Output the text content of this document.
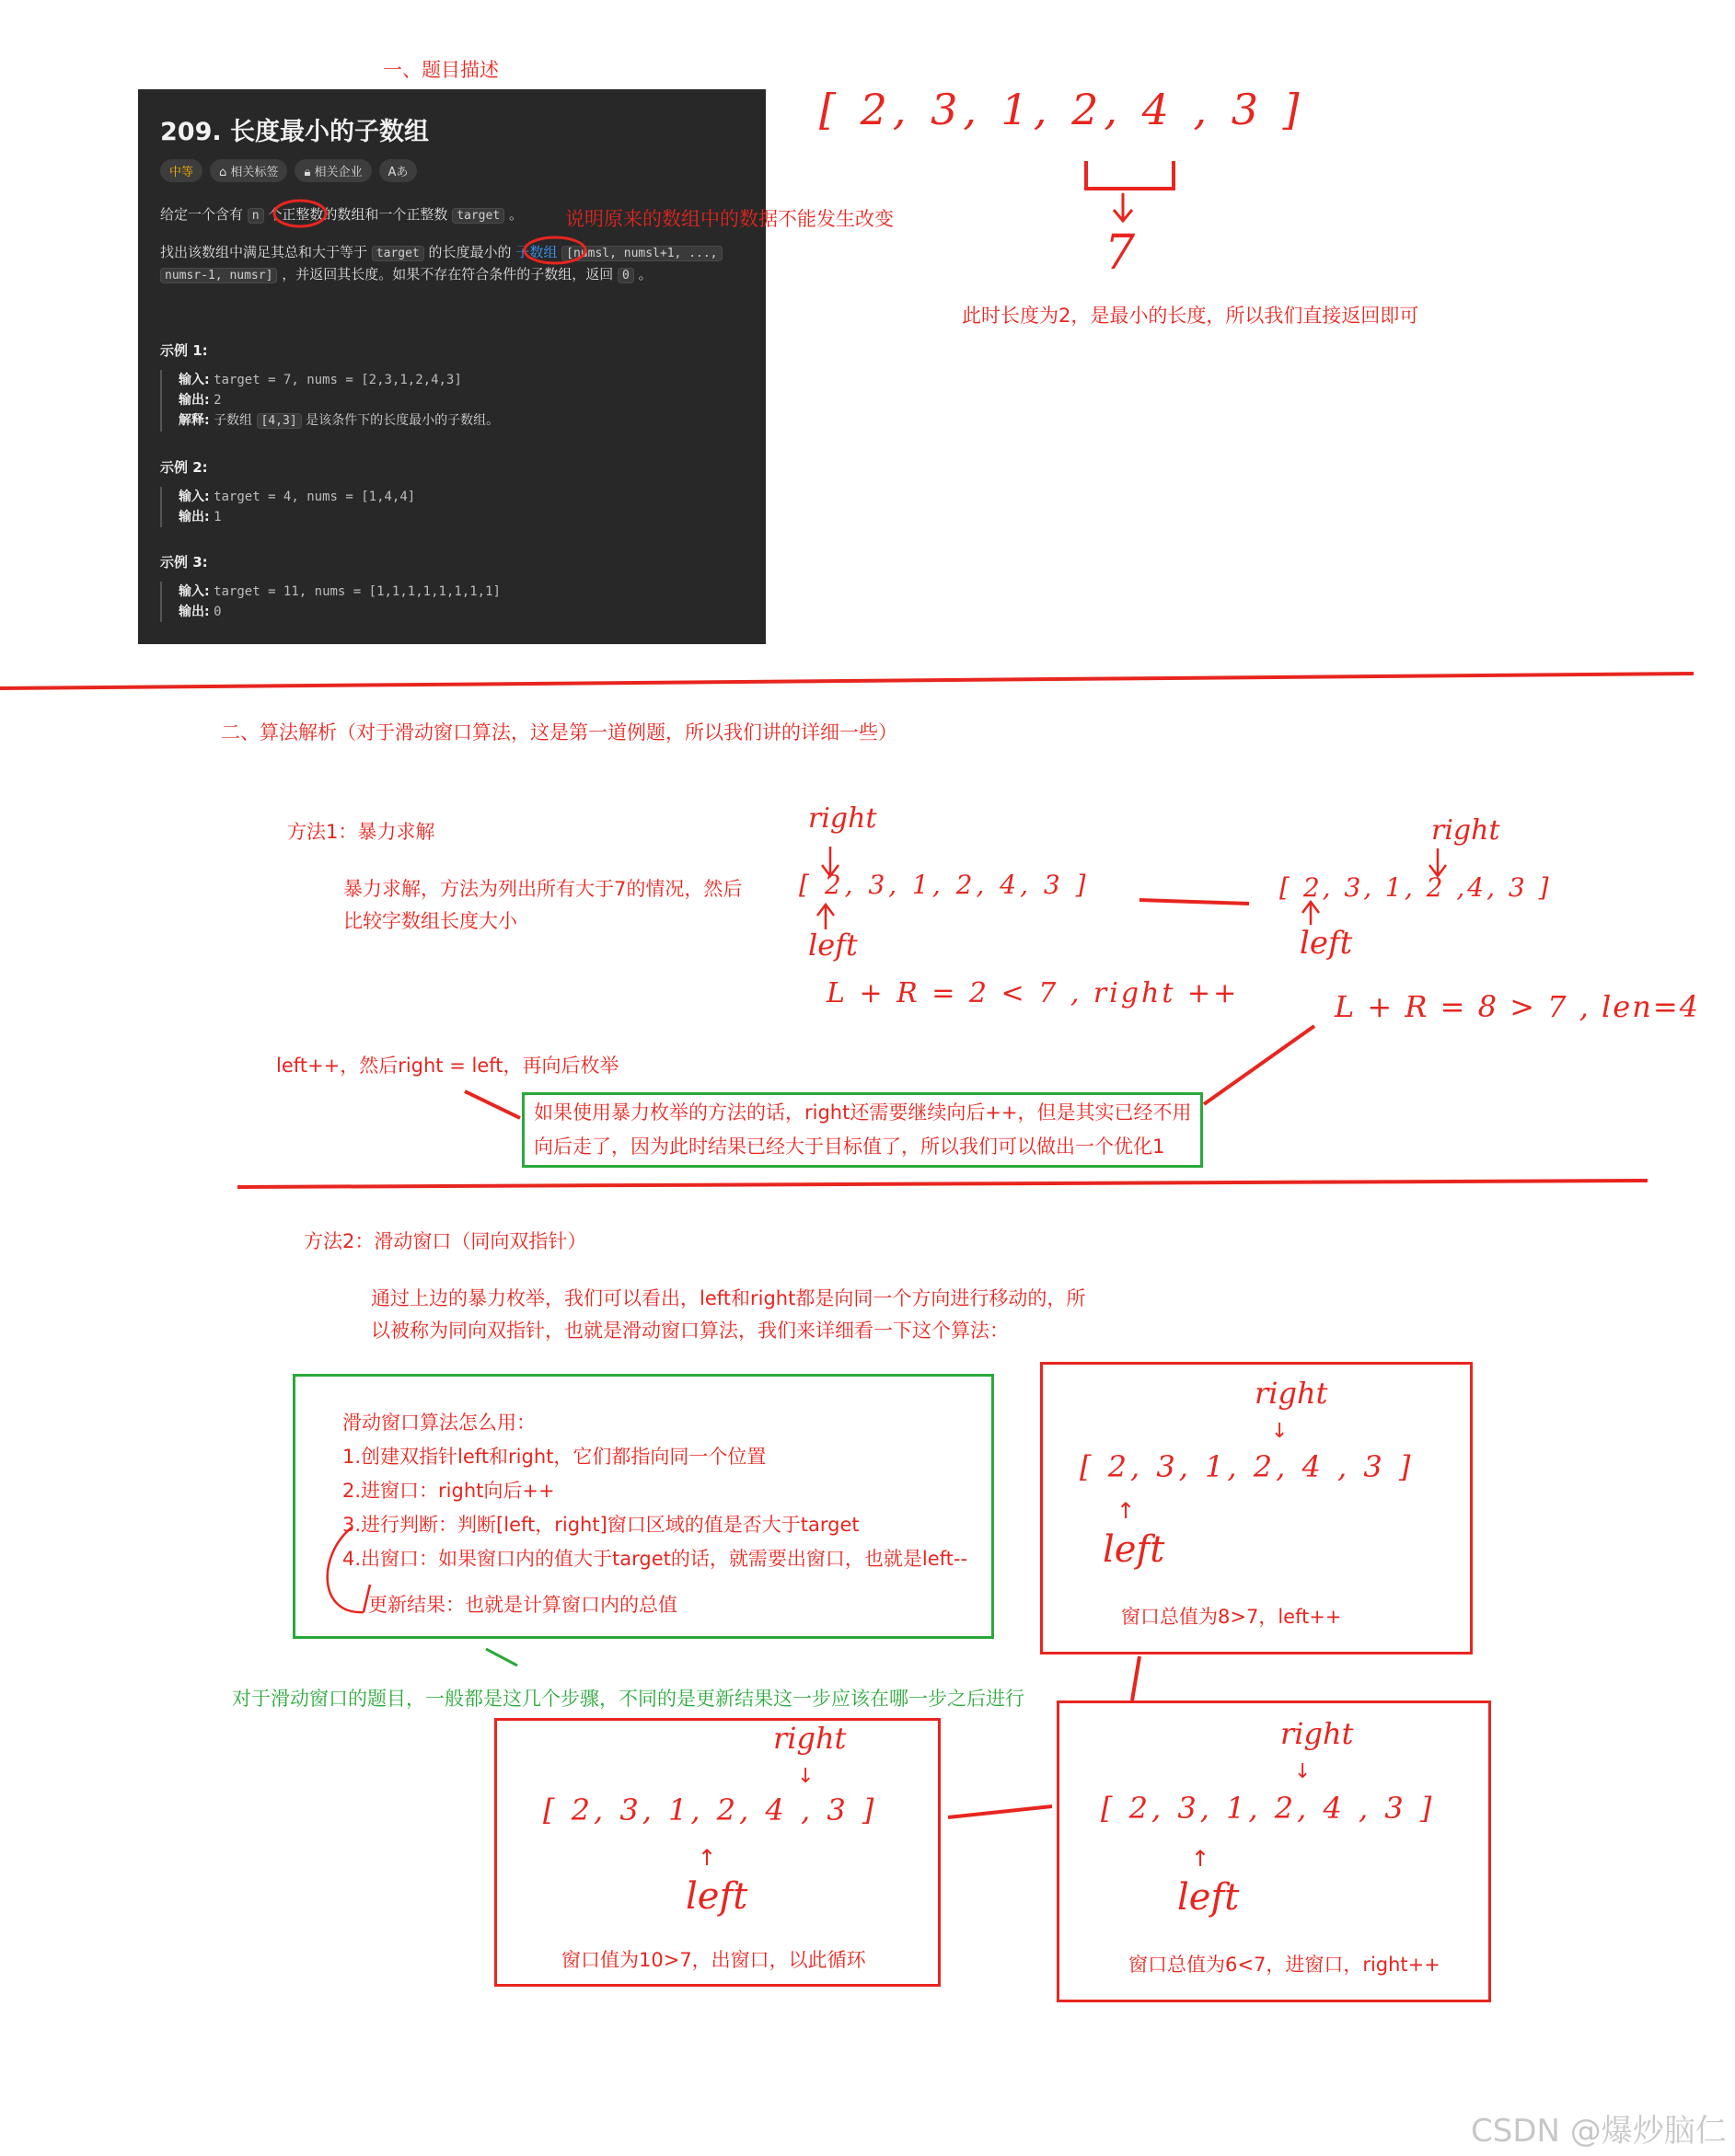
一、题目描述
209. 长度最小的子数组
中等	⌂ 相关标签	🔒︎ 相关企业	Aあ
给定一个含有 n 个正整数的数组和一个正整数 target 。
找出该数组中满足其总和大于等于 target 的长度最小的 子数组 [numsl, numsl+1, ...,
numsr-1, numsr] ，并返回其长度。如果不存在符合条件的子数组，返回 0 。
示例 1:
输入: target = 7, nums = [2,3,1,2,4,3]
输出: 2
解释: 子数组 [4,3] 是该条件下的长度最小的子数组。
示例 2:
输入: target = 4, nums = [1,4,4]
输出: 1
示例 3:
输入: target = 11, nums = [1,1,1,1,1,1,1,1]
输出: 0
说明原来的数组中的数据不能发生改变
[ 2, 3, 1, 2, 4 , 3 ]
7
此时长度为2，是最小的长度，所以我们直接返回即可
二、算法解析（对于滑动窗口算法，这是第一道例题，所以我们讲的详细一些）
方法1：暴力求解
暴力求解，方法为列出所有大于7的情况，然后
比较字数组长度大小
right
[ 2, 3, 1, 2, 4, 3 ]
left
L + R = 2 < 7 , right ++
right
[ 2, 3, 1, 2 ,4, 3 ]
left
L + R = 8 > 7 , len=4
left++，然后right = left，再向后枚举
如果使用暴力枚举的方法的话，right还需要继续向后++，但是其实已经不用
向后走了，因为此时结果已经大于目标值了，所以我们可以做出一个优化1
方法2：滑动窗口（同向双指针）
通过上边的暴力枚举，我们可以看出，left和right都是向同一个方向进行移动的，所
以被称为同向双指针，也就是滑动窗口算法，我们来详细看一下这个算法：
滑动窗口算法怎么用：
1.创建双指针left和right，它们都指向同一个位置
2.进窗口：right向后++
3.进行判断：判断[left，right]窗口区域的值是否大于target
4.出窗口：如果窗口内的值大于target的话，就需要出窗口，也就是left--
更新结果：也就是计算窗口内的总值
对于滑动窗口的题目，一般都是这几个步骤，不同的是更新结果这一步应该在哪一步之后进行
right
↓
[ 2, 3, 1, 2, 4 , 3 ]
↑
left
窗口总值为8>7，left++
right
↓
[ 2, 3, 1, 2, 4 , 3 ]
↑
left
窗口总值为6<7，进窗口，right++
right
↓
[ 2, 3, 1, 2, 4 , 3 ]
↑
left
窗口值为10>7，出窗口，以此循环
CSDN @爆炒脑仁
